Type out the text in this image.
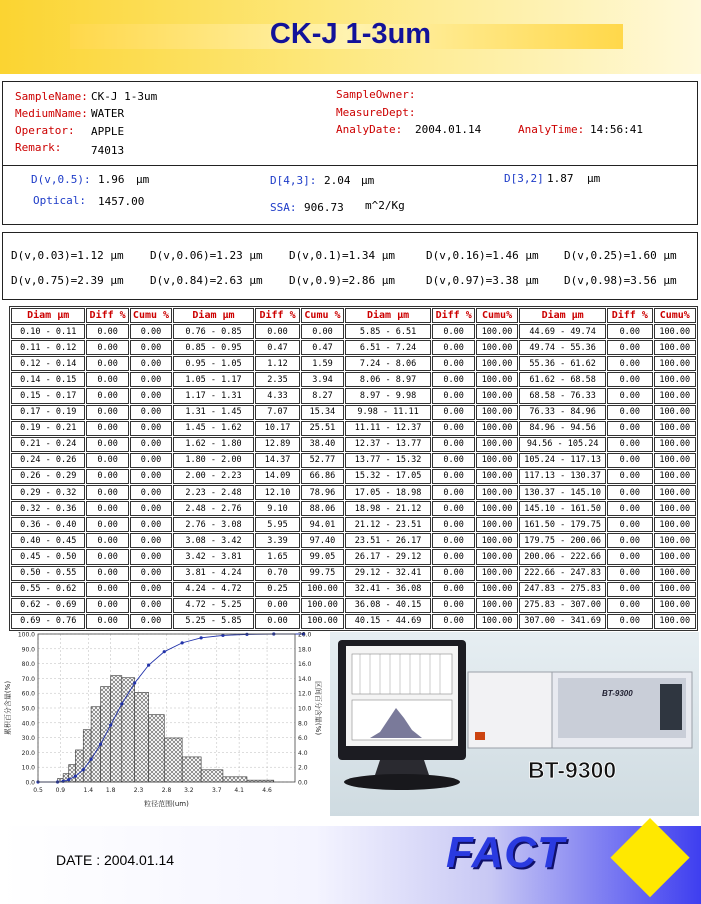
CK-J 1-3um
SampleName: CK-J 1-3um
MediumName: WATER
Operator: APPLE
Remark:	74013
SampleOwner:
MeasureDept:
AnalyDate: 2004.01.14	AnalyTime: 14:56:41
D(v,0.5): 1.96 μm	D[4,3]: 2.04 μm	D[3,2] 1.87 μm
Optical: 1457.00	SSA: 906.73 m^2/Kg
D(v,0.03)=1.12 μm D(v,0.06)=1.23 μm D(v,0.1)=1.34 μm	D(v,0.16)=1.46 μm D(v,0.25)=1.60 μm
D(v,0.75)=2.39 μm D(v,0.84)=2.63 μm D(v,0.9)=2.86 μm	D(v,0.97)=3.38 μm D(v,0.98)=3.56 μm
Diam μm	Diff %	Cumu %	Diam μm	Diff %	Cumu %	Diam μm	Diff %	Cumu%	Diam μm	Diff %	Cumu%
0.10 - 0.11	0.00	0.00	0.76 - 0.85	0.00	0.00	5.85 - 6.51	0.00	100.00	44.69 - 49.74	0.00	100.00
0.11 - 0.12	0.00	0.00	0.85 - 0.95	0.47	0.47	6.51 - 7.24	0.00	100.00	49.74 - 55.36	0.00	100.00
0.12 - 0.14	0.00	0.00	0.95 - 1.05	1.12	1.59	7.24 - 8.06	0.00	100.00	55.36 - 61.62	0.00	100.00
0.14 - 0.15	0.00	0.00	1.05 - 1.17	2.35	3.94	8.06 - 8.97	0.00	100.00	61.62 - 68.58	0.00	100.00
0.15 - 0.17	0.00	0.00	1.17 - 1.31	4.33	8.27	8.97 - 9.98	0.00	100.00	68.58 - 76.33	0.00	100.00
0.17 - 0.19	0.00	0.00	1.31 - 1.45	7.07	15.34	9.98 - 11.11	0.00	100.00	76.33 - 84.96	0.00	100.00
0.19 - 0.21	0.00	0.00	1.45 - 1.62	10.17	25.51	11.11 - 12.37	0.00	100.00	84.96 - 94.56	0.00	100.00
0.21 - 0.24	0.00	0.00	1.62 - 1.80	12.89	38.40	12.37 - 13.77	0.00	100.00	94.56 - 105.24	0.00	100.00
0.24 - 0.26	0.00	0.00	1.80 - 2.00	14.37	52.77	13.77 - 15.32	0.00	100.00	105.24 - 117.13	0.00	100.00
0.26 - 0.29	0.00	0.00	2.00 - 2.23	14.09	66.86	15.32 - 17.05	0.00	100.00	117.13 - 130.37	0.00	100.00
0.29 - 0.32	0.00	0.00	2.23 - 2.48	12.10	78.96	17.05 - 18.98	0.00	100.00	130.37 - 145.10	0.00	100.00
0.32 - 0.36	0.00	0.00	2.48 - 2.76	9.10	88.06	18.98 - 21.12	0.00	100.00	145.10 - 161.50	0.00	100.00
0.36 - 0.40	0.00	0.00	2.76 - 3.08	5.95	94.01	21.12 - 23.51	0.00	100.00	161.50 - 179.75	0.00	100.00
0.40 - 0.45	0.00	0.00	3.08 - 3.42	3.39	97.40	23.51 - 26.17	0.00	100.00	179.75 - 200.06	0.00	100.00
0.45 - 0.50	0.00	0.00	3.42 - 3.81	1.65	99.05	26.17 - 29.12	0.00	100.00	200.06 - 222.66	0.00	100.00
0.50 - 0.55	0.00	0.00	3.81 - 4.24	0.70	99.75	29.12 - 32.41	0.00	100.00	222.66 - 247.83	0.00	100.00
0.55 - 0.62	0.00	0.00	4.24 - 4.72	0.25	100.00	32.41 - 36.08	0.00	100.00	247.83 - 275.83	0.00	100.00
0.62 - 0.69	0.00	0.00	4.72 - 5.25	0.00	100.00	36.08 - 40.15	0.00	100.00	275.83 - 307.00	0.00	100.00
0.69 - 0.76	0.00	0.00	5.25 - 5.85	0.00	100.00	40.15 - 44.69	0.00	100.00	307.00 - 341.69	0.00	100.00
0.0
10.0
20.0
30.0
40.0
50.0
60.0
70.0
80.0
90.0
100.0
0.0
2.0
4.0
6.0
8.0
10.0
12.0
14.0
16.0
18.0
20.0
0.5 0.9	1.4 1.8	2.3	2.8 3.2	3.7 4.1	4.6
粒径范围(um)
累积百分含量(%)	区间百分含量(%)	BT-9300
BT-9300
DATE : 2004.01.14	FACT
